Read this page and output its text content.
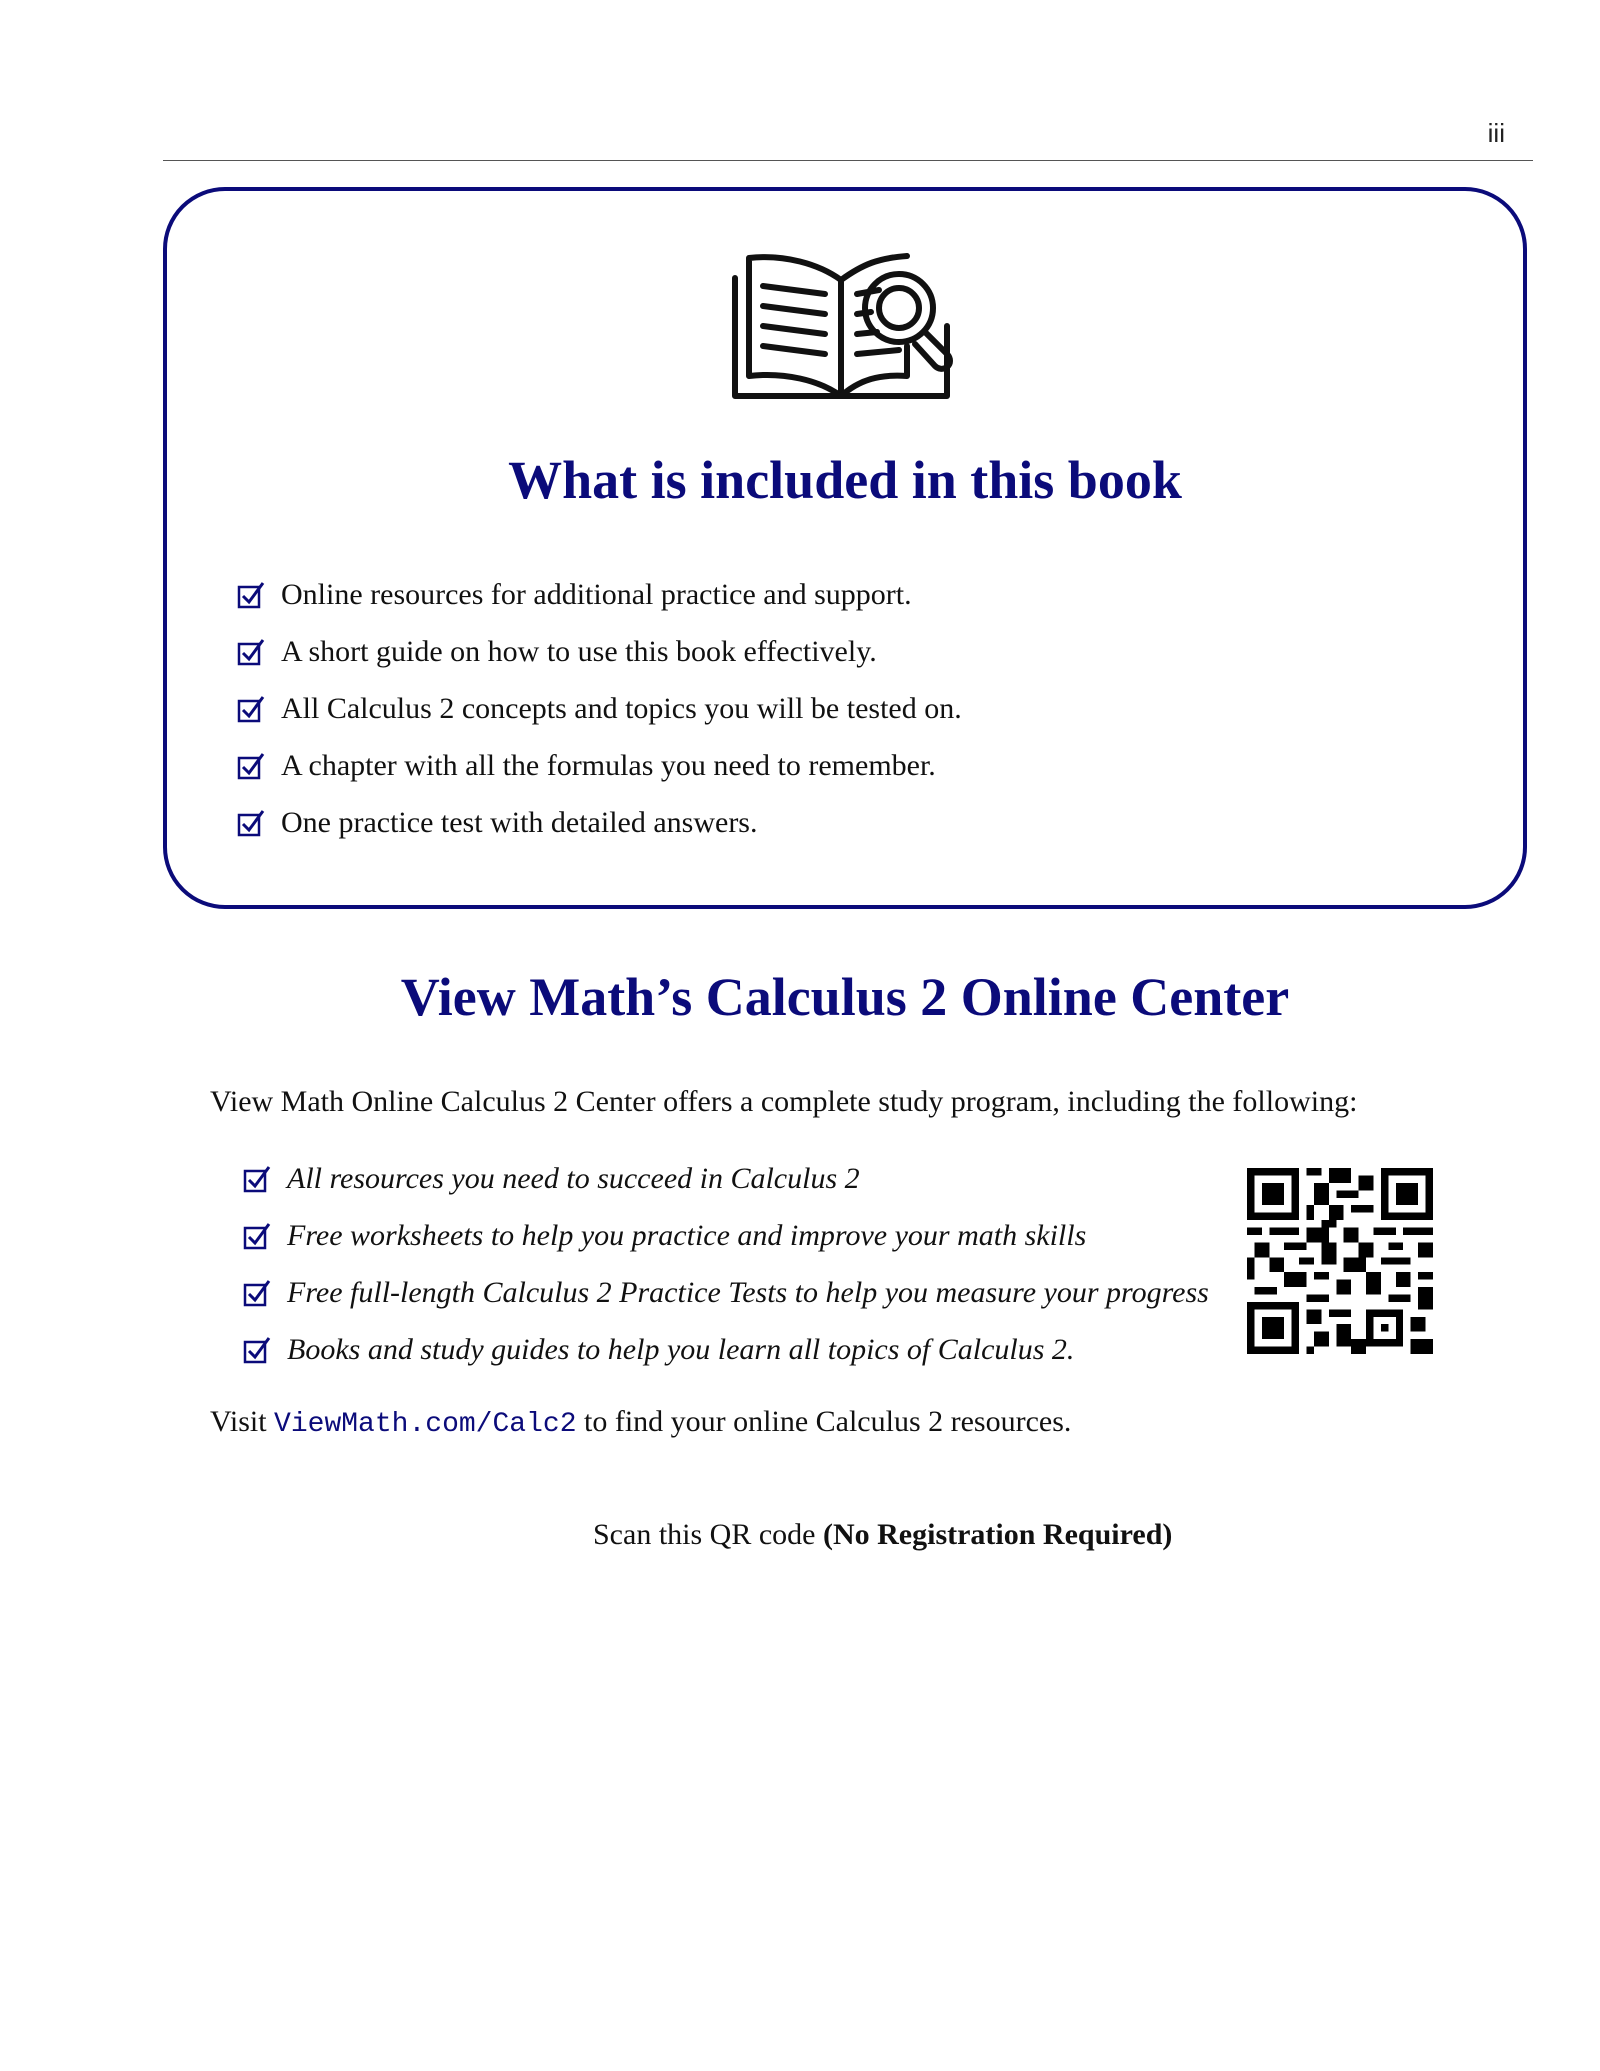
iii
What is included in this book
Online resources for additional practice and support.
A short guide on how to use this book effectively.
All Calculus 2 concepts and topics you will be tested on.
A chapter with all the formulas you need to remember.
One practice test with detailed answers.
View Math’s Calculus 2 Online Center
View Math Online Calculus 2 Center offers a complete study program, including the following:
All resources you need to succeed in Calculus 2
Free worksheets to help you practice and improve your math skills
Free full-length Calculus 2 Practice Tests to help you measure your progress
Books and study guides to help you learn all topics of Calculus 2.
Visit ViewMath.com/Calc2 to find your online Calculus 2 resources.
Scan this QR code (No Registration Required)
